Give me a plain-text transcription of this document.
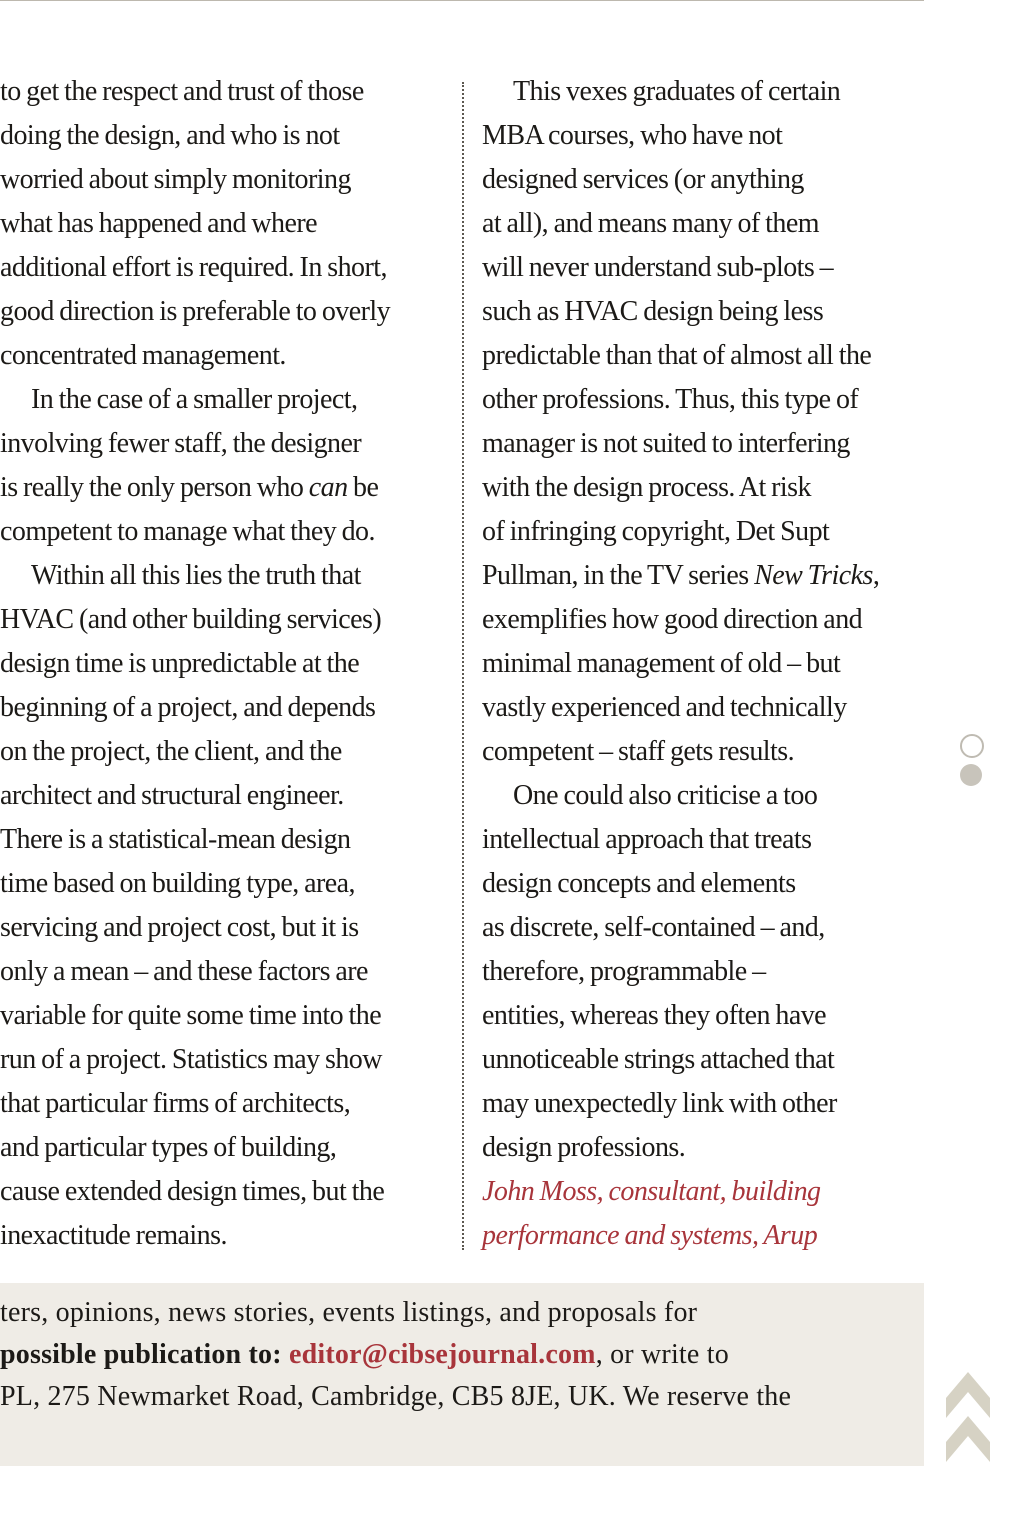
to get the respect and trust of those
doing the design, and who is not
worried about simply monitoring
what has happened and where
additional effort is required. In short,
good direction is preferable to overly
concentrated management.
In the case of a smaller project,
involving fewer staff, the designer
is really the only person who can be
competent to manage what they do.
Within all this lies the truth that
HVAC (and other building services)
design time is unpredictable at the
beginning of a project, and depends
on the project, the client, and the
architect and structural engineer.
There is a statistical-mean design
time based on building type, area,
servicing and project cost, but it is
only a mean – and these factors are
variable for quite some time into the
run of a project. Statistics may show
that particular firms of architects,
and particular types of building,
cause extended design times, but the
inexactitude remains.
This vexes graduates of certain
MBA courses, who have not
designed services (or anything
at all), and means many of them
will never understand sub-plots –
such as HVAC design being less
predictable than that of almost all the
other professions. Thus, this type of
manager is not suited to interfering
with the design process. At risk
of infringing copyright, Det Supt
Pullman, in the TV series New Tricks,
exemplifies how good direction and
minimal management of old – but
vastly experienced and technically
competent – staff gets results.
One could also criticise a too
intellectual approach that treats
design concepts and elements
as discrete, self-contained – and,
therefore, programmable –
entities, whereas they often have
unnoticeable strings attached that
may unexpectedly link with other
design professions.
John Moss, consultant, building
performance and systems, Arup
ters, opinions, news stories, events listings, and proposals for
possible publication to: editor@cibsejournal.com, or write to
PL, 275 Newmarket Road, Cambridge, CB5 8JE, UK. We reserve the
